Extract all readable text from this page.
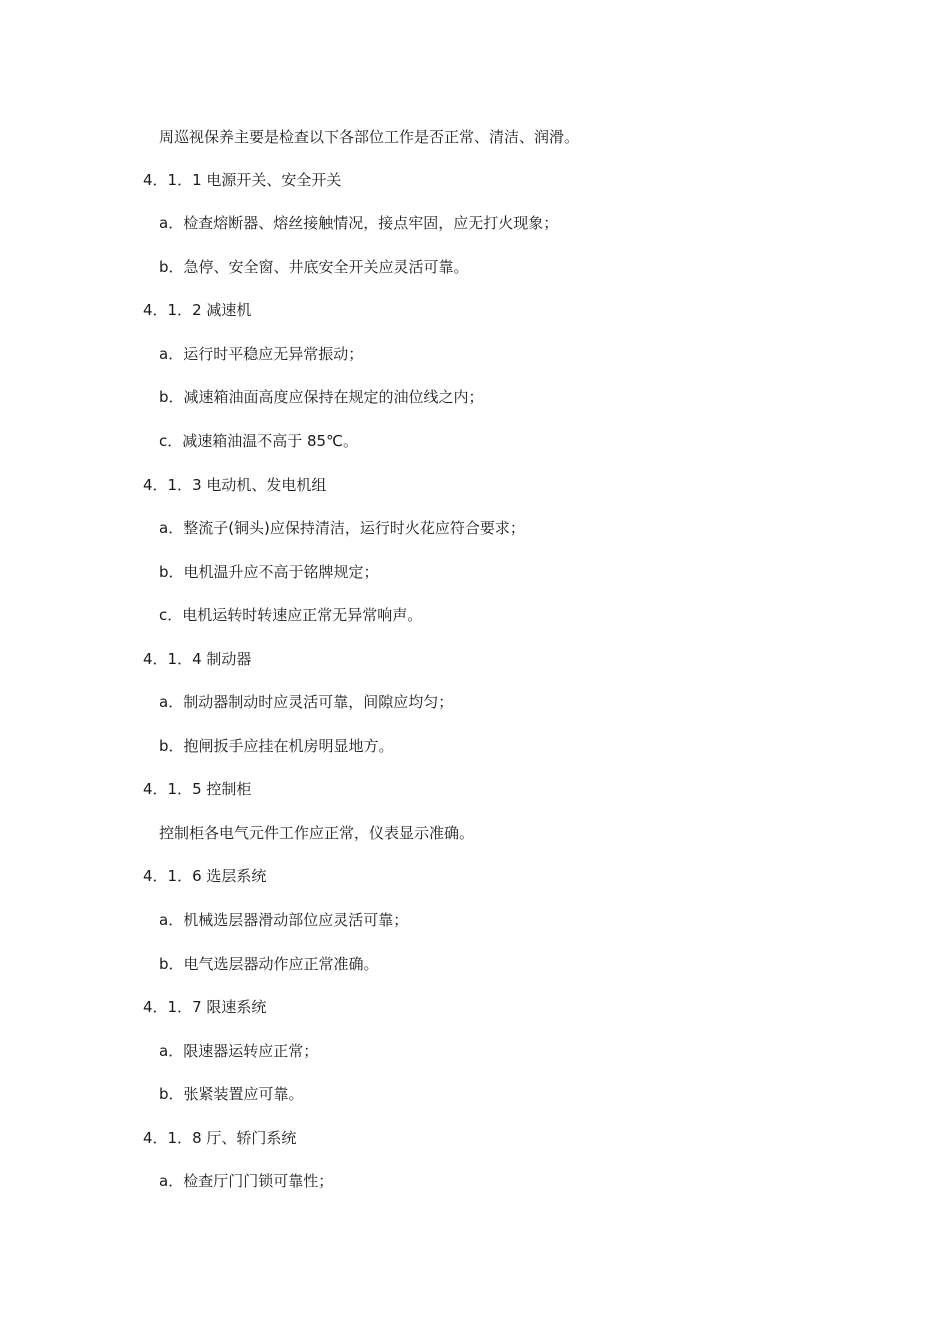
周巡视保养主要是检查以下各部位工作是否正常、清洁、润滑。
4．1．1 电源开关、安全开关
a．检查熔断器、熔丝接触情况，接点牢固，应无打火现象；
b．急停、安全窗、井底安全开关应灵活可靠。
4．1．2 减速机
a．运行时平稳应无异常振动；
b．减速箱油面高度应保持在规定的油位线之内；
c．减速箱油温不高于 85℃。
4．1．3 电动机、发电机组
a．整流子(铜头)应保持清洁，运行时火花应符合要求；
b．电机温升应不高于铭牌规定；
c．电机运转时转速应正常无异常响声。
4．1．4 制动器
a．制动器制动时应灵活可靠，间隙应均匀；
b．抱闸扳手应挂在机房明显地方。
4．1．5 控制柜
控制柜各电气元件工作应正常，仪表显示准确。
4．1．6 选层系统
a．机械选层器滑动部位应灵活可靠；
b．电气选层器动作应正常准确。
4．1．7 限速系统
a．限速器运转应正常；
b．张紧装置应可靠。
4．1．8 厅、轿门系统
a．检查厅门门锁可靠性；
